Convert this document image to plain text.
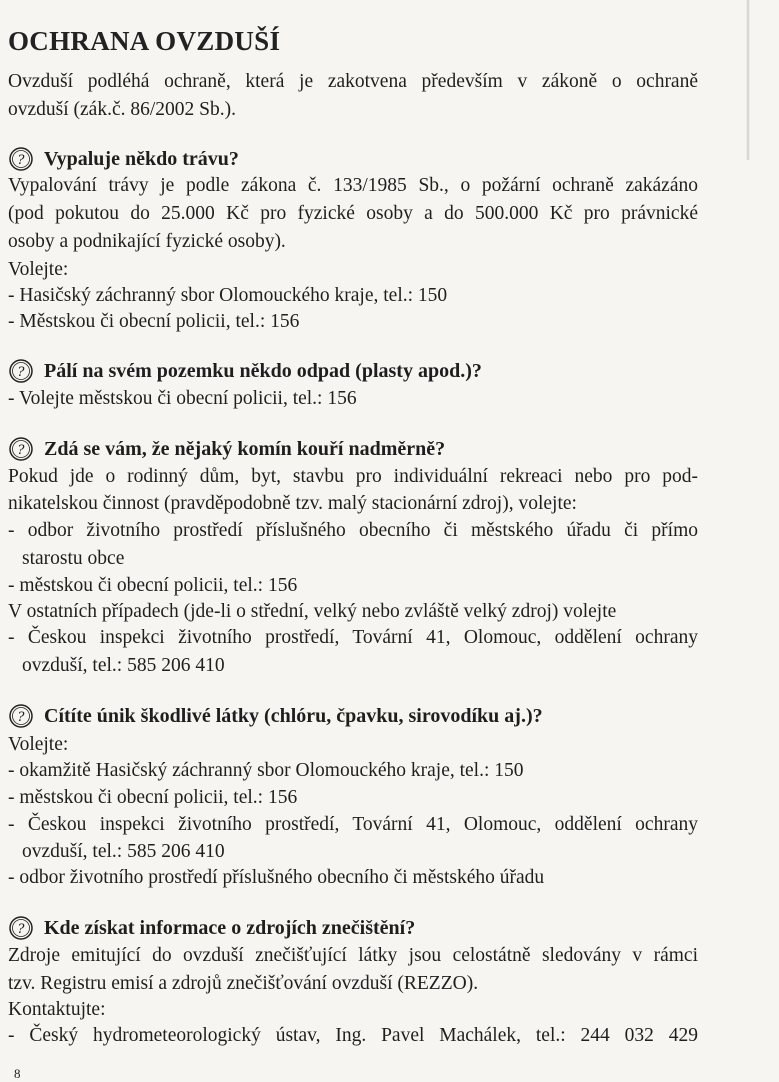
OCHRANA OVZDUŠÍ

Ovzduší podléhá ochraně, která je zakotvena především v zákoně o ochraně

ovzduší (zák.č. 86/2002 Sb.).

? Vypaluje někdo trávu?

Vypalování trávy je podle zákona č. 133/1985 Sb., o požární ochraně zakázáno

(pod pokutou do 25.000 Kč pro fyzické osoby a do 500.000 Kč pro právnické

osoby a podnikající fyzické osoby).

Volejte:

- Hasičský záchranný sbor Olomouckého kraje, tel.: 150

- Městskou či obecní policii, tel.: 156

? Pálí na svém pozemku někdo odpad (plasty apod.)?

- Volejte městskou či obecní policii, tel.: 156

? Zdá se vám, že nějaký komín kouří nadměrně?

Pokud jde o rodinný dům, byt, stavbu pro individuální rekreaci nebo pro pod-

nikatelskou činnost (pravděpodobně tzv. malý stacionární zdroj), volejte:

- odbor životního prostředí příslušného obecního či městského úřadu či přímo

starostu obce

- městskou či obecní policii, tel.: 156

V ostatních případech (jde-li o střední, velký nebo zvláště velký zdroj) volejte

- Českou inspekci životního prostředí, Tovární 41, Olomouc, oddělení ochrany

ovzduší, tel.: 585 206 410

? Cítíte únik škodlivé látky (chlóru, čpavku, sirovodíku aj.)?

Volejte:

- okamžitě Hasičský záchranný sbor Olomouckého kraje, tel.: 150

- městskou či obecní policii, tel.: 156

- Českou inspekci životního prostředí, Tovární 41, Olomouc, oddělení ochrany

ovzduší, tel.: 585 206 410

- odbor životního prostředí příslušného obecního či městského úřadu

? Kde získat informace o zdrojích znečištění?

Zdroje emitující do ovzduší znečišťující látky jsou celostátně sledovány v rámci

tzv. Registru emisí a zdrojů znečišťování ovzduší (REZZO).

Kontaktujte:

- Český hydrometeorologický ústav, Ing. Pavel Machálek, tel.: 244 032 429

8
